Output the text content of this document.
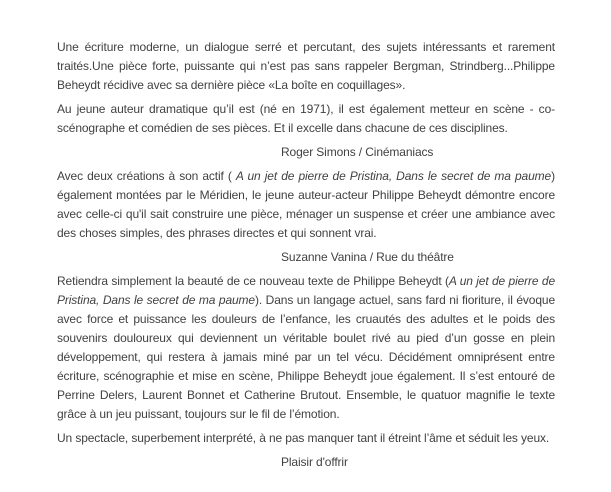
Une écriture moderne, un dialogue serré et percutant, des sujets intéressants et rarement traités.Une pièce forte, puissante qui n’est pas sans rappeler Bergman, Strindberg...Philippe Beheydt récidive avec sa dernière pièce «La boîte en coquillages».

Au jeune auteur dramatique qu’il est (né en 1971), il est également metteur en scène - co-scénographe et comédien de ses pièces. Et il excelle dans chacune de ces disciplines.

Roger Simons / Cinémaniacs

Avec deux créations à son actif ( A un jet de pierre de Pristina, Dans le secret de ma paume) également montées par le Méridien, le jeune auteur-acteur Philippe Beheydt démontre encore avec celle-ci qu'il sait construire une pièce, ménager un suspense et créer une ambiance avec des choses simples, des phrases directes et qui sonnent vrai.

Suzanne Vanina / Rue du théâtre

Retiendra simplement la beauté de ce nouveau texte de Philippe Beheydt (A un jet de pierre de Pristina, Dans le secret de ma paume). Dans un langage actuel, sans fard ni fioriture, il évoque avec force et puissance les douleurs de l’enfance, les cruautés des adultes et le poids des souvenirs douloureux qui deviennent un véritable boulet rivé au pied d’un gosse en plein développement, qui restera à jamais miné par un tel vécu. Décidément omniprésent entre écriture, scénographie et mise en scène, Philippe Beheydt joue également. Il s’est entouré de Perrine Delers, Laurent Bonnet et Catherine Brutout. Ensemble, le quatuor magnifie le texte grâce à un jeu puissant, toujours sur le fil de l’émotion.

Un spectacle, superbement interprété, à ne pas manquer tant il étreint l’âme et séduit les yeux.

Plaisir d'offrir
